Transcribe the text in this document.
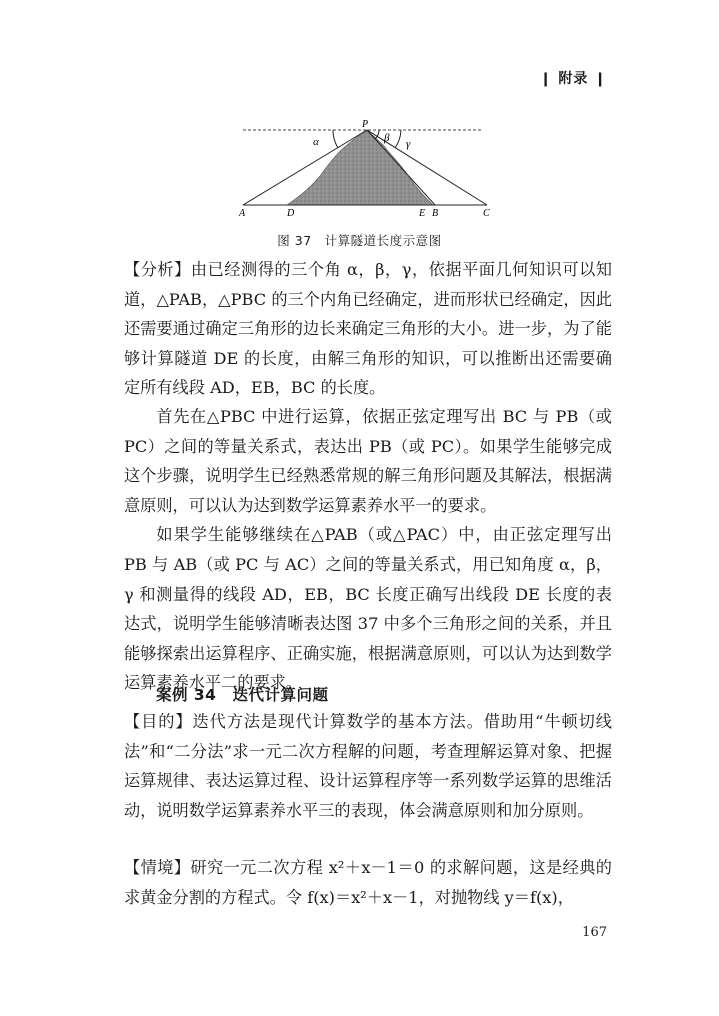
❙ 附录 ❙
P
α	β γ
A	D	E B	C
图 37　计算隧道长度示意图

【分析】由已经测得的三个角 α，β，γ，依据平面几何知识可以知道，△PAB，△PBC 的三个内角已经确定，进而形状已经确定，因此还需要通过确定三角形的边长来确定三角形的大小。进一步，为了能够计算隧道 DE 的长度，由解三角形的知识，可以推断出还需要确定所有线段 AD，EB，BC 的长度。

首先在△PBC 中进行运算，依据正弦定理写出 BC 与 PB（或 PC）之间的等量关系式，表达出 PB（或 PC）。如果学生能够完成这个步骤，说明学生已经熟悉常规的解三角形问题及其解法，根据满意原则，可以认为达到数学运算素养水平一的要求。

如果学生能够继续在△PAB（或△PAC）中，由正弦定理写出 PB 与 AB（或 PC 与 AC）之间的等量关系式，用已知角度 α，β，γ 和测量得的线段 AD，EB，BC 长度正确写出线段 DE 长度的表达式，说明学生能够清晰表达图 37 中多个三角形之间的关系，并且能够探索出运算程序、正确实施，根据满意原则，可以认为达到数学运算素养水平二的要求。

案例 34　迭代计算问题

【目的】迭代方法是现代计算数学的基本方法。借助用“牛顿切线法”和“二分法”求一元二次方程解的问题，考查理解运算对象、把握运算规律、表达运算过程、设计运算程序等一系列数学运算的思维活动，说明数学运算素养水平三的表现，体会满意原则和加分原则。

【情境】研究一元二次方程 x²＋x－1＝0 的求解问题，这是经典的求黄金分割的方程式。令 f(x)＝x²＋x－1，对抛物线 y＝f(x)，

167
